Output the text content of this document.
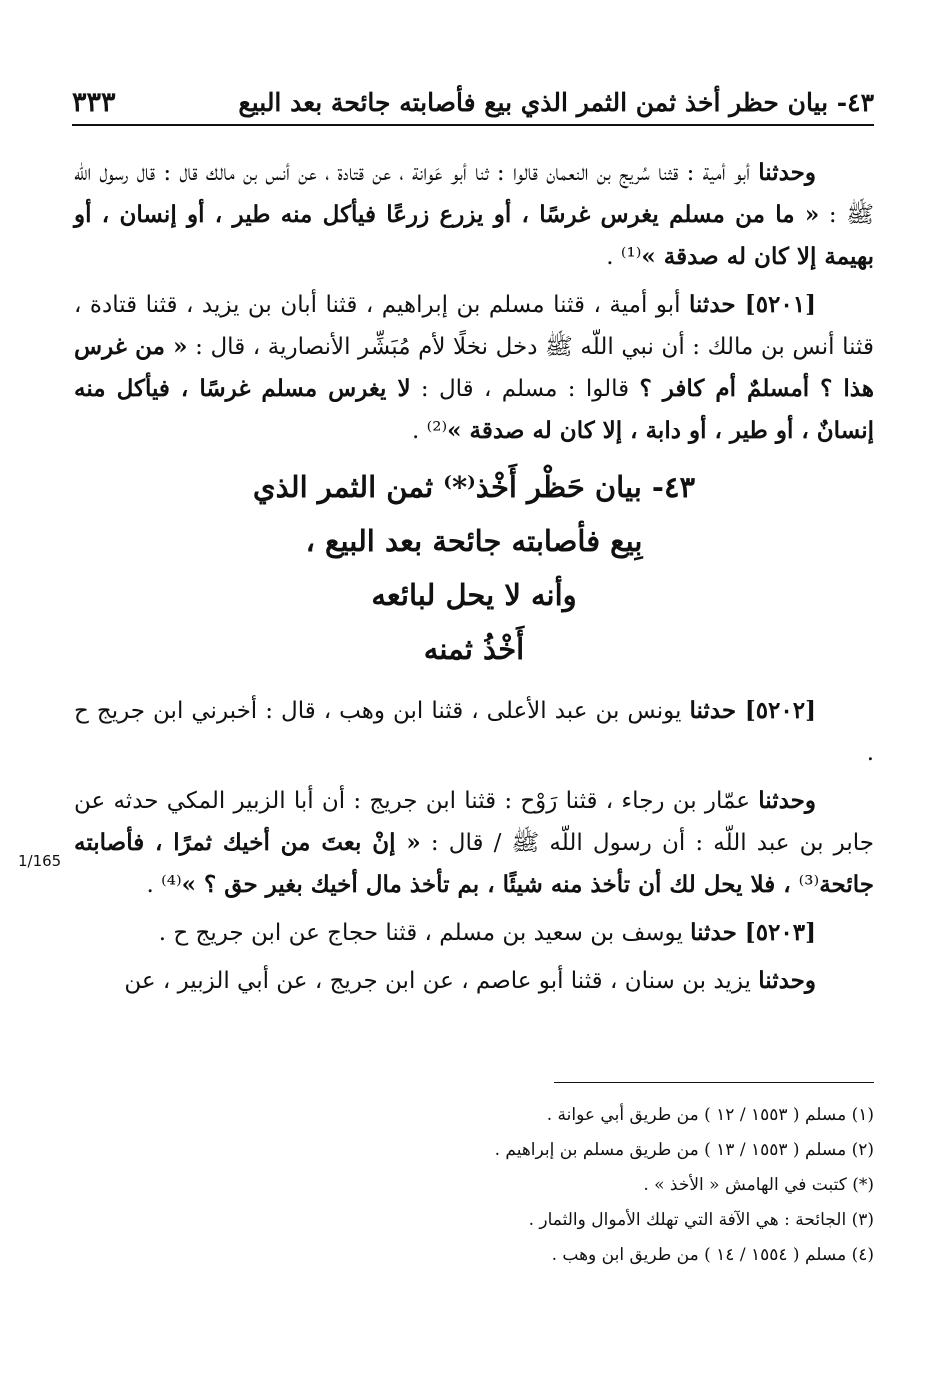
٤٣- بيان حظر أخذ ثمن الثمر الذي بيع فأصابته جائحة بعد البيع
٣٣٣

وحدثنا أبو أمية : قثنا سُريج بن النعمان قالوا : ثنا أبو عَوانة ، عن قتادة ، عن أنس بن مالك قال : قال رسول اللّه ﷺ : « ما من مسلم يغرس غرسًا ، أو يزرع زرعًا فيأكل منه طير ، أو إنسان ، أو بهيمة إلا كان له صدقة »⁽¹⁾ .

[٥٢٠١] حدثنا أبو أمية ، قثنا مسلم بن إبراهيم ، قثنا أبان بن يزيد ، قثنا قتادة ، قثنا أنس بن مالك : أن نبي اللّه ﷺ دخل نخلًا لأم مُبَشِّر الأنصارية ، قال : « من غرس هذا ؟ أمسلمٌ أم كافر ؟ قالوا : مسلم ، قال : لا يغرس مسلم غرسًا ، فيأكل منه إنسانٌ ، أو طير ، أو دابة ، إلا كان له صدقة »⁽²⁾ .

٤٣- بيان حَظْر أَخْذ⁽*⁾ ثمن الثمر الذي
بِيع فأصابته جائحة بعد البيع ،
وأنه لا يحل لبائعه
أَخْذُ ثمنه

[٥٢٠٢] حدثنا يونس بن عبد الأعلى ، قثنا ابن وهب ، قال : أخبرني ابن جريج ح .

وحدثنا عمّار بن رجاء ، قثنا رَوْح : قثنا ابن جريج : أن أبا الزبير المكي حدثه عن جابر بن عبد اللّه : أن رسول اللّه ﷺ / قال : « إنْ بعتَ من أخيك ثمرًا ، فأصابته جائحة⁽³⁾ ، فلا يحل لك أن تأخذ منه شيئًا ، بم تأخذ مال أخيك بغير حق ؟ »⁽⁴⁾ .

[٥٢٠٣] حدثنا يوسف بن سعيد بن مسلم ، قثنا حجاج عن ابن جريج ح .

وحدثنا يزيد بن سنان ، قثنا أبو عاصم ، عن ابن جريج ، عن أبي الزبير ، عن

1/165
(١) مسلم ( ١٥٥٣ / ١٢ ) من طريق أبي عوانة .
(٢) مسلم ( ١٥٥٣ / ١٣ ) من طريق مسلم بن إبراهيم .
(*) كتبت في الهامش « الأخذ » .
(٣) الجائحة : هي الآفة التي تهلك الأموال والثمار .
(٤) مسلم ( ١٥٥٤ / ١٤ ) من طريق ابن وهب .
